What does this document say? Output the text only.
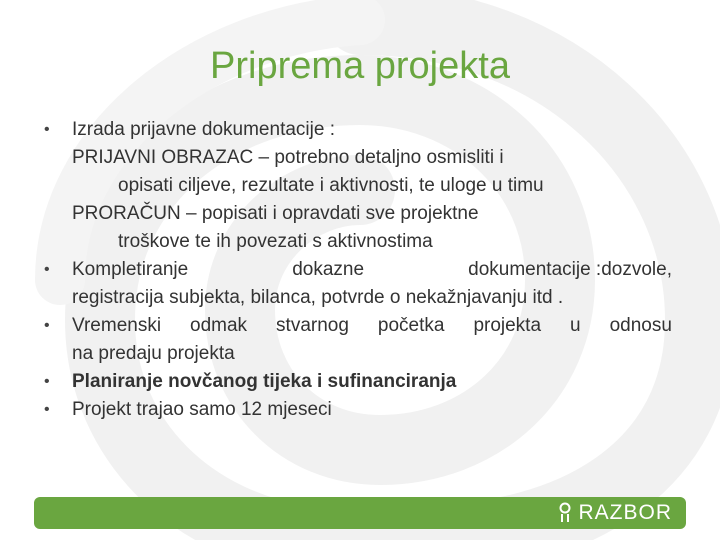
Priprema projekta
• Izrada prijavne dokumentacije :
PRIJAVNI OBRAZAC – potrebno detaljno osmisliti i
opisati ciljeve, rezultate i aktivnosti, te uloge u timu
PRORAČUN – popisati i opravdati sve projektne
troškove te ih povezati s aktivnostima
• Kompletiranje	dokazne	dokumentacije :dozvole,
registracija subjekta, bilanca, potvrde o nekažnjavanju itd .
• Vremenski odmak stvarnog početka projekta u odnosu
na predaju projekta
• Planiranje novčanog tijeka i sufinanciranja
• Projekt trajao samo 12 mjeseci
RAZBOR
